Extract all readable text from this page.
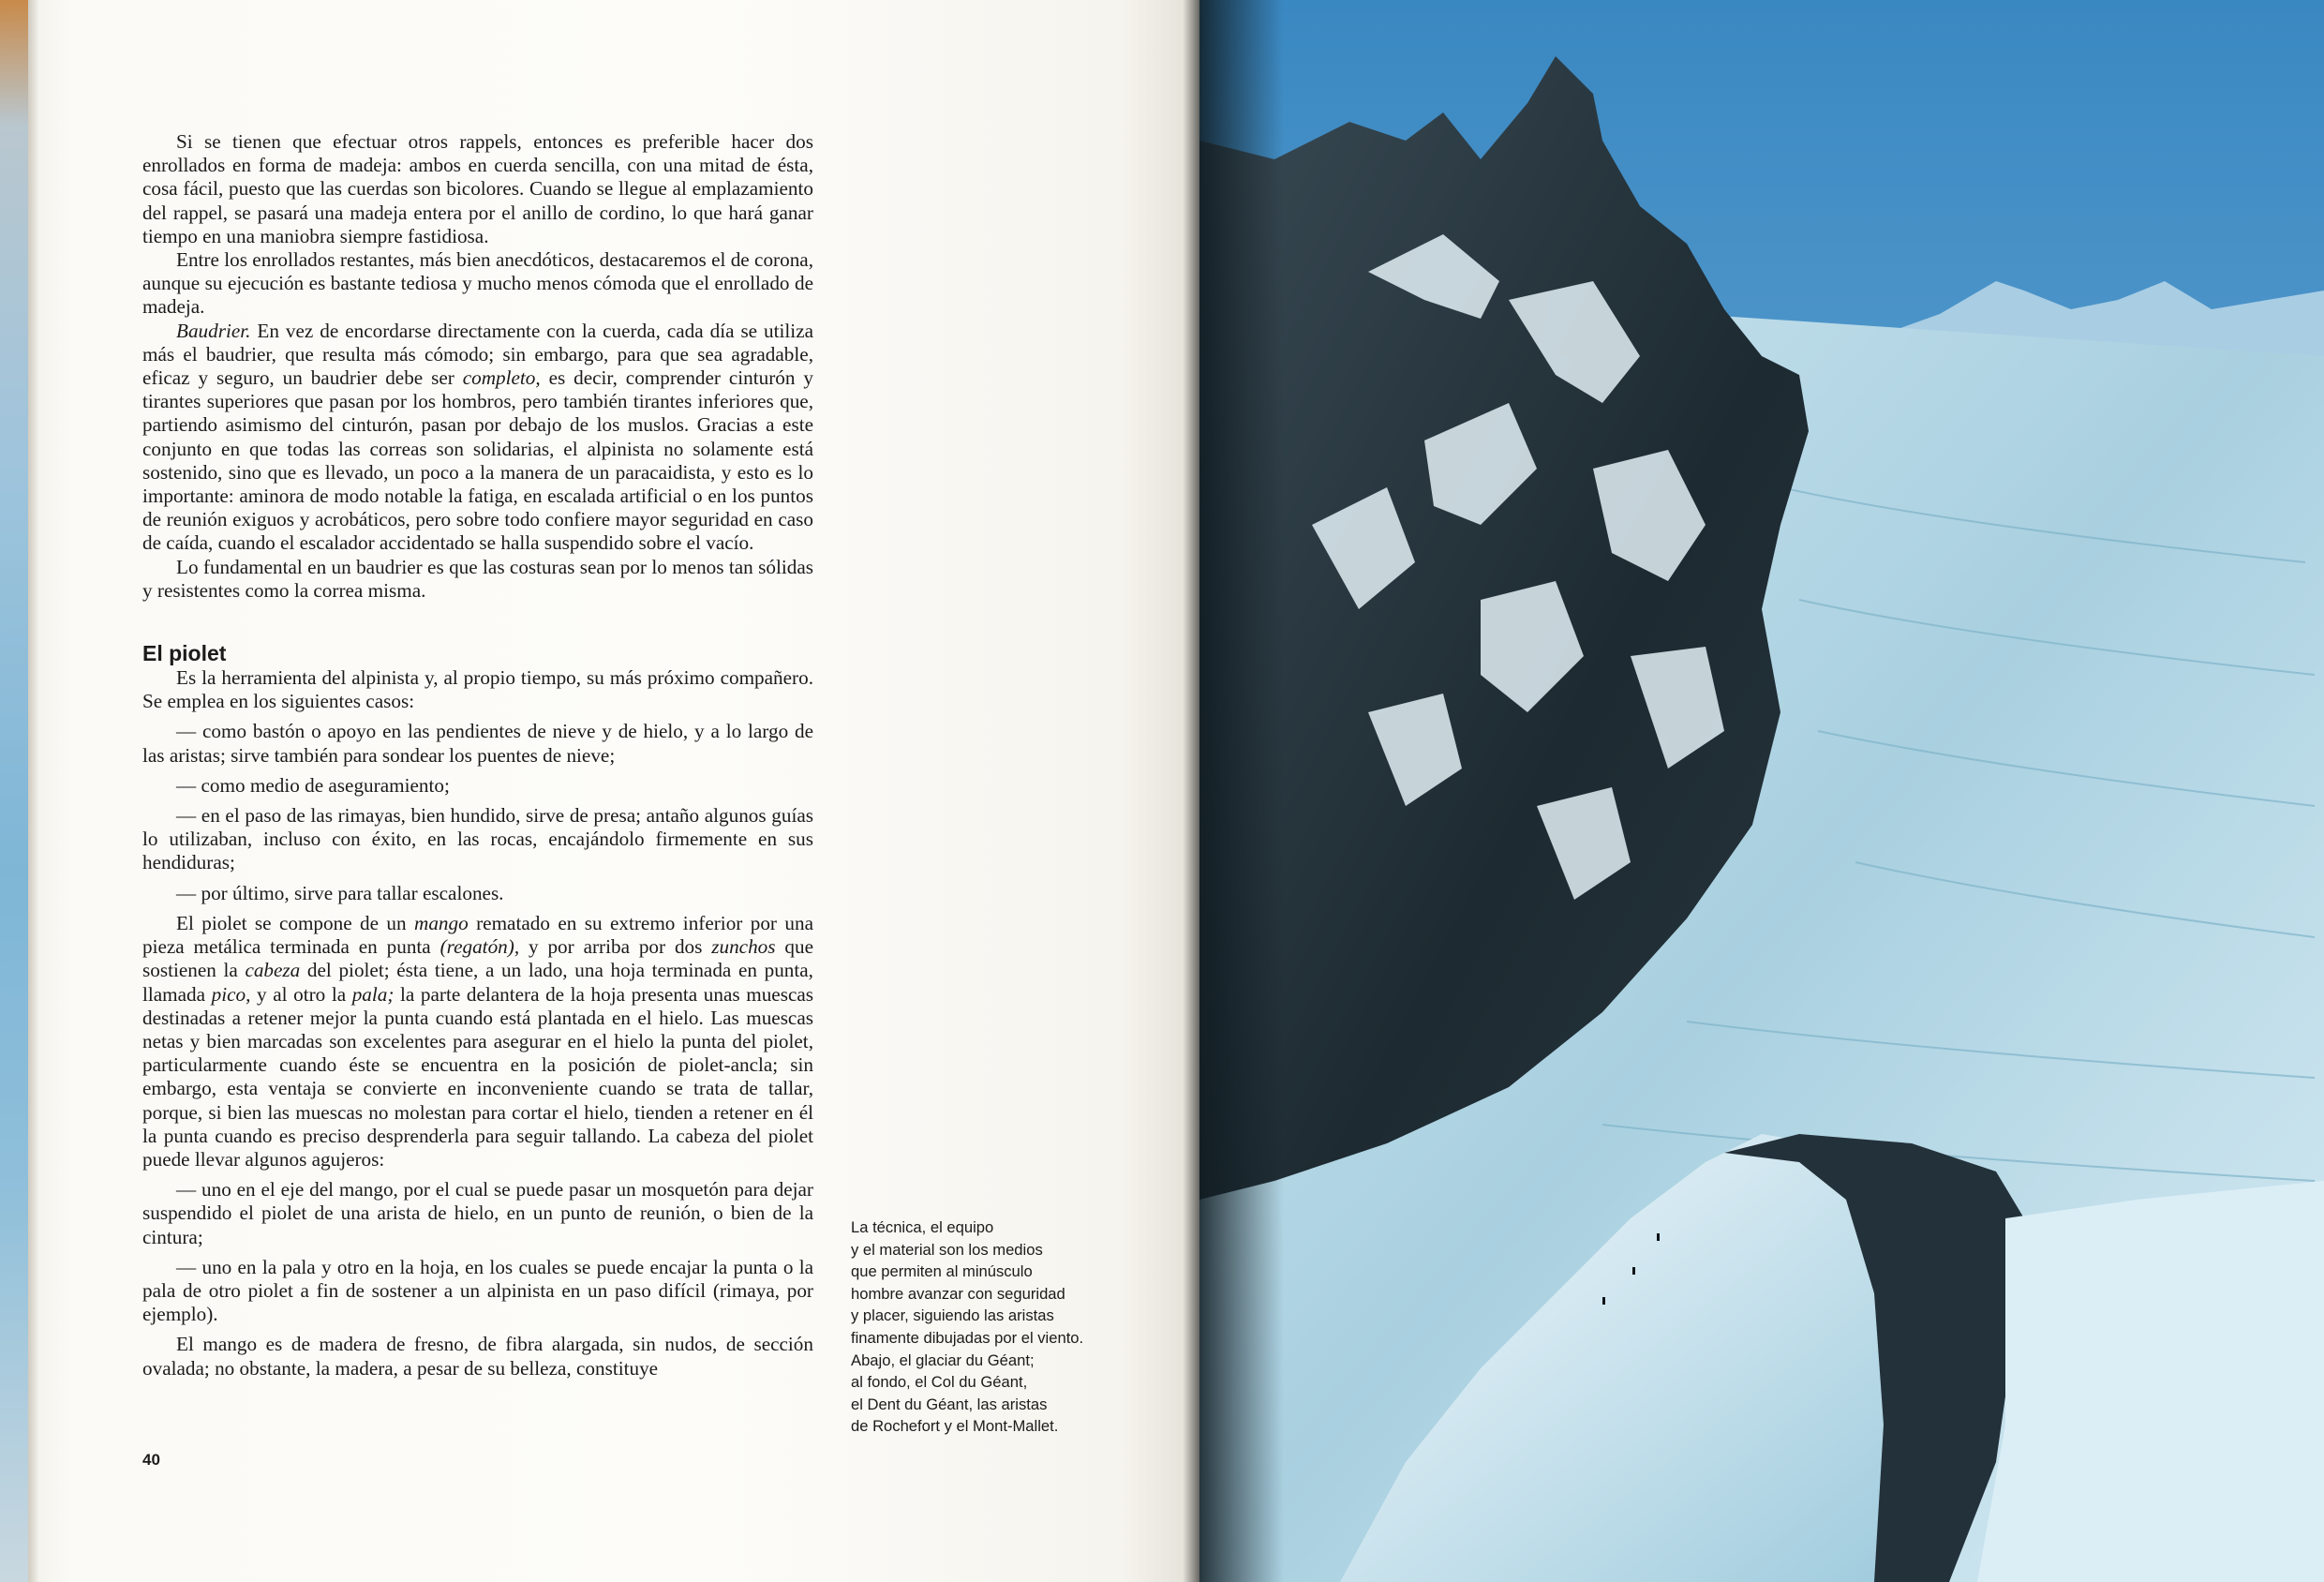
Si se tienen que efectuar otros rappels, entonces es preferible hacer dos enrollados en forma de madeja: ambos en cuerda sencilla, con una mitad de ésta, cosa fácil, puesto que las cuerdas son bicolores. Cuando se llegue al emplazamiento del rappel, se pasará una madeja entera por el anillo de cordino, lo que hará ganar tiempo en una maniobra siempre fastidiosa.

Entre los enrollados restantes, más bien anecdóticos, destacaremos el de corona, aunque su ejecución es bastante tediosa y mucho menos cómoda que el enrollado de madeja.

Baudrier. En vez de encordarse directamente con la cuerda, cada día se utiliza más el baudrier, que resulta más cómodo; sin embargo, para que sea agradable, eficaz y seguro, un baudrier debe ser completo, es decir, comprender cinturón y tirantes superiores que pasan por los hombros, pero también tirantes inferiores que, partiendo asimismo del cinturón, pasan por debajo de los muslos. Gracias a este conjunto en que todas las correas son solidarias, el alpinista no solamente está sostenido, sino que es llevado, un poco a la manera de un paracaidista, y esto es lo importante: aminora de modo notable la fatiga, en escalada artificial o en los puntos de reunión exiguos y acrobáticos, pero sobre todo confiere mayor seguridad en caso de caída, cuando el escalador accidentado se halla suspendido sobre el vacío.

Lo fundamental en un baudrier es que las costuras sean por lo menos tan sólidas y resistentes como la correa misma.

El piolet

Es la herramienta del alpinista y, al propio tiempo, su más próximo compañero. Se emplea en los siguientes casos:

— como bastón o apoyo en las pendientes de nieve y de hielo, y a lo largo de las aristas; sirve también para sondear los puentes de nieve;

— como medio de aseguramiento;

— en el paso de las rimayas, bien hundido, sirve de presa; antaño algunos guías lo utilizaban, incluso con éxito, en las rocas, encajándolo firmemente en sus hendiduras;

— por último, sirve para tallar escalones.

El piolet se compone de un mango rematado en su extremo inferior por una pieza metálica terminada en punta (regatón), y por arriba por dos zunchos que sostienen la cabeza del piolet; ésta tiene, a un lado, una hoja terminada en punta, llamada pico, y al otro la pala; la parte delantera de la hoja presenta unas muescas destinadas a retener mejor la punta cuando está plantada en el hielo. Las muescas netas y bien marcadas son excelentes para asegurar en el hielo la punta del piolet, particularmente cuando éste se encuentra en la posición de piolet-ancla; sin embargo, esta ventaja se convierte en inconveniente cuando se trata de tallar, porque, si bien las muescas no molestan para cortar el hielo, tienden a retener en él la punta cuando es preciso desprenderla para seguir tallando. La cabeza del piolet puede llevar algunos agujeros:

— uno en el eje del mango, por el cual se puede pasar un mosquetón para dejar suspendido el piolet de una arista de hielo, en un punto de reunión, o bien de la cintura;

— uno en la pala y otro en la hoja, en los cuales se puede encajar la punta o la pala de otro piolet a fin de sostener a un alpinista en un paso difícil (rimaya, por ejemplo).

El mango es de madera de fresno, de fibra alargada, sin nudos, de sección ovalada; no obstante, la madera, a pesar de su belleza, constituye

40
La técnica, el equipo
y el material son los medios
que permiten al minúsculo
hombre avanzar con seguridad
y placer, siguiendo las aristas
finamente dibujadas por el viento.
Abajo, el glaciar du Géant;
al fondo, el Col du Géant,
el Dent du Géant, las aristas
de Rochefort y el Mont-Mallet.
